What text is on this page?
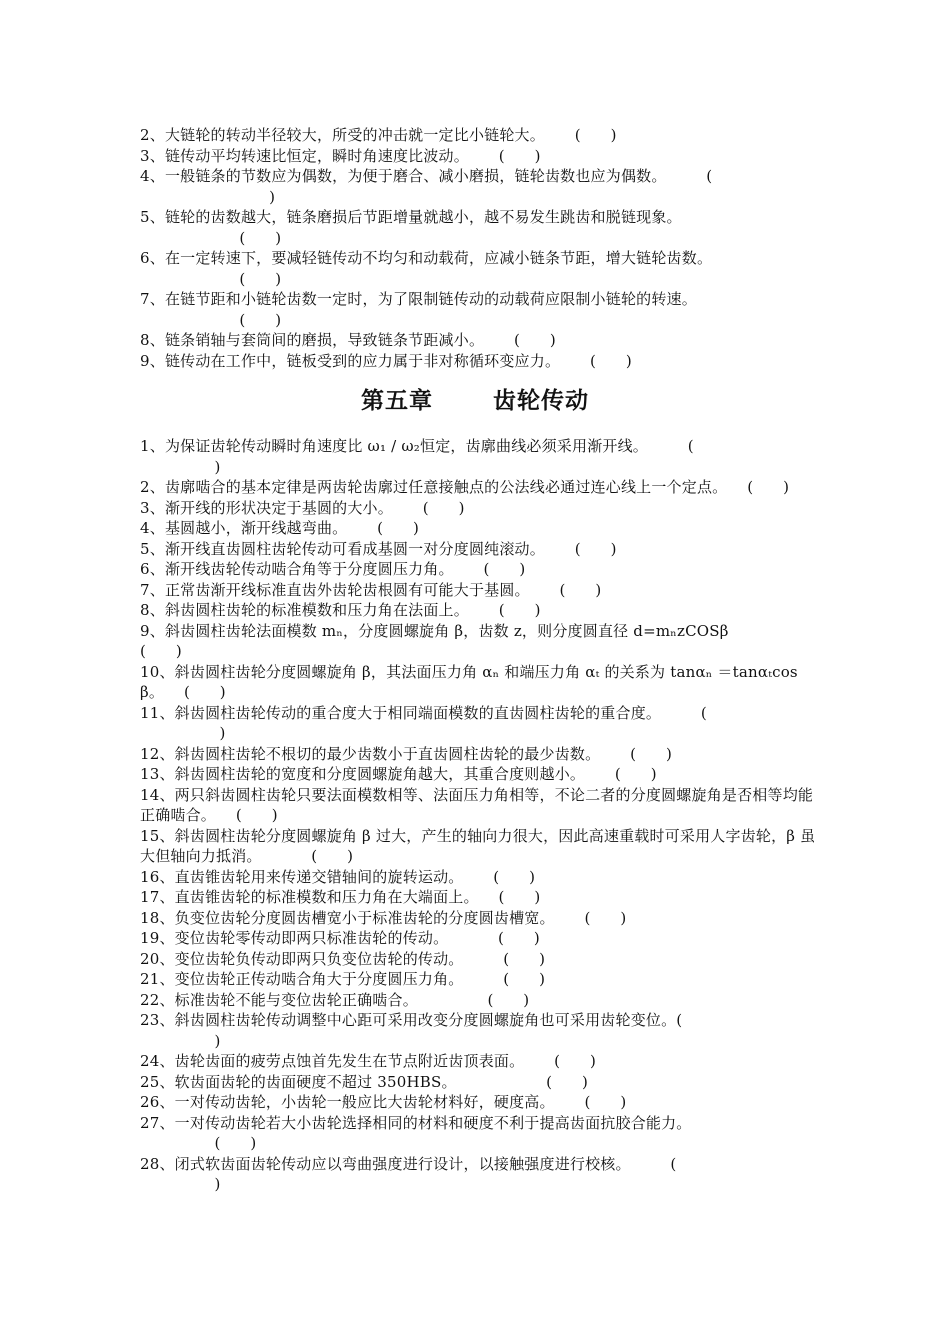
2、大链轮的转动半径较大，所受的冲击就一定比小链轮大。      (      )
3、链传动平均转速比恒定，瞬时角速度比波动。      (      )
4、一般链条的节数应为偶数，为便于磨合、减小磨损，链轮齿数也应为偶数。        (
)
5、链轮的齿数越大，链条磨损后节距增量就越小，越不易发生跳齿和脱链现象。
(      )
6、在一定转速下，要减轻链传动不均匀和动载荷，应减小链条节距，增大链轮齿数。
(      )
7、在链节距和小链轮齿数一定时，为了限制链传动的动载荷应限制小链轮的转速。
(      )
8、链条销轴与套筒间的磨损，导致链条节距减小。      (      )
9、链传动在工作中，链板受到的应力属于非对称循环变应力。      (      )
第五章	齿轮传动
1、为保证齿轮传动瞬时角速度比 ω₁ / ω₂恒定，齿廓曲线必须采用渐开线。        (
)
2、齿廓啮合的基本定律是两齿轮齿廓过任意接触点的公法线必通过连心线上一个定点。    (      )
3、渐开线的形状决定于基圆的大小。      (      )
4、基圆越小，渐开线越弯曲。      (      )
5、渐开线直齿圆柱齿轮传动可看成基圆一对分度圆纯滚动。      (      )
6、渐开线齿轮传动啮合角等于分度圆压力角。      (      )
7、正常齿渐开线标准直齿外齿轮齿根圆有可能大于基圆。      (      )
8、斜齿圆柱齿轮的标准模数和压力角在法面上。      (      )
9、斜齿圆柱齿轮法面模数 mₙ，分度圆螺旋角 β，齿数 z，则分度圆直径 d=mₙzCOSβ                          (      )
10、斜齿圆柱齿轮分度圆螺旋角 β，其法面压力角 αₙ 和端压力角 αₜ 的关系为 tanαₙ ＝tanαₜcosβ。    (      )
11、斜齿圆柱齿轮传动的重合度大于相同端面模数的直齿圆柱齿轮的重合度。        (
)
12、斜齿圆柱齿轮不根切的最少齿数小于直齿圆柱齿轮的最少齿数。      (      )
13、斜齿圆柱齿轮的宽度和分度圆螺旋角越大，其重合度则越小。      (      )
14、两只斜齿圆柱齿轮只要法面模数相等、法面压力角相等，不论二者的分度圆螺旋角是否相等均能正确啮合。    (      )
15、斜齿圆柱齿轮分度圆螺旋角 β 过大，产生的轴向力很大，因此高速重载时可采用人字齿轮，β 虽大但轴向力抵消。          (      )
16、直齿锥齿轮用来传递交错轴间的旋转运动。      (      )
17、直齿锥齿轮的标准模数和压力角在大端面上。    (      )
18、负变位齿轮分度圆齿槽宽小于标准齿轮的分度圆齿槽宽。      (      )
19、变位齿轮零传动即两只标准齿轮的传动。          (      )
20、变位齿轮负传动即两只负变位齿轮的传动。        (      )
21、变位齿轮正传动啮合角大于分度圆压力角。        (      )
22、标准齿轮不能与变位齿轮正确啮合。              (      )
23、斜齿圆柱齿轮传动调整中心距可采用改变分度圆螺旋角也可采用齿轮变位。(
)
24、齿轮齿面的疲劳点蚀首先发生在节点附近齿顶表面。      (      )
25、软齿面齿轮的齿面硬度不超过 350HBS。                  (      )
26、一对传动齿轮，小齿轮一般应比大齿轮材料好，硬度高。      (      )
27、一对传动齿轮若大小齿轮选择相同的材料和硬度不利于提高齿面抗胶合能力。
(      )
28、闭式软齿面齿轮传动应以弯曲强度进行设计，以接触强度进行校核。        (
)
